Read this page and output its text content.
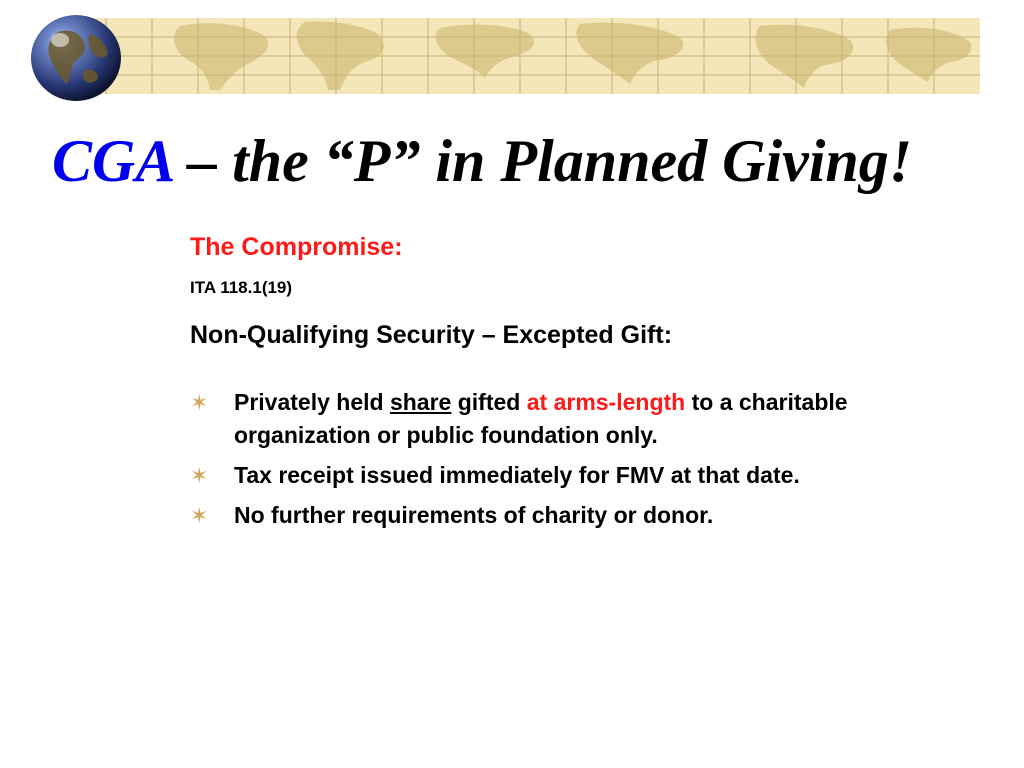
CGA – the “P” in Planned Giving!
The Compromise:
ITA 118.1(19)
Non-Qualifying Security – Excepted Gift:
✶ Privately held share gifted at arms-length to a charitable organization or public foundation only.
✶ Tax receipt issued immediately for FMV at that date.
✶ No further requirements of charity or donor.
